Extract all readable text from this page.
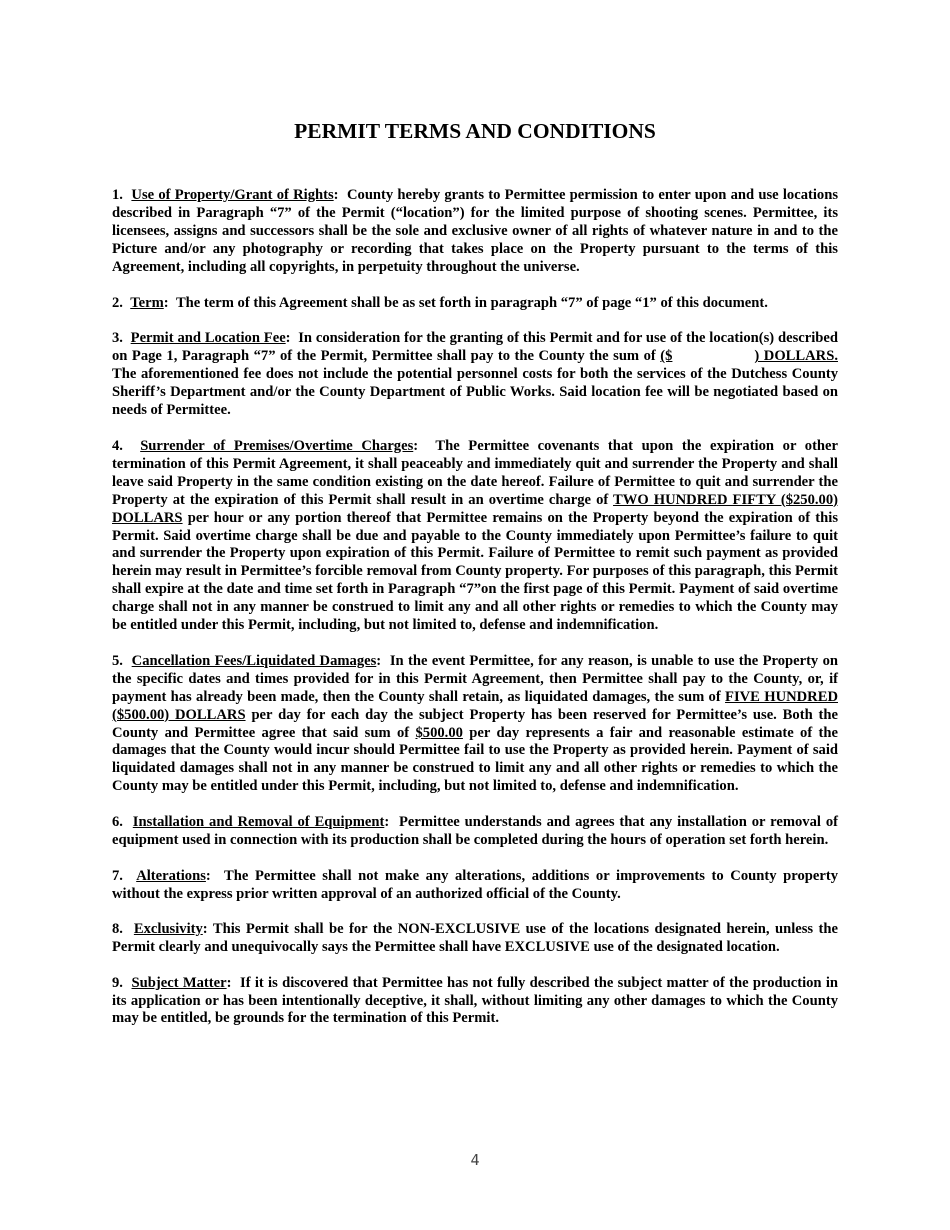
PERMIT TERMS AND CONDITIONS

1. Use of Property/Grant of Rights:  County hereby grants to Permittee permission to enter upon and use locations described in Paragraph “7” of the Permit (“location”) for the limited purpose of shooting scenes. Permittee, its licensees, assigns and successors shall be the sole and exclusive owner of all rights of whatever nature in and to the Picture and/or any photography or recording that takes place on the Property pursuant to the terms of this Agreement, including all copyrights, in perpetuity throughout the universe.

2. Term:  The term of this Agreement shall be as set forth in paragraph “7” of page “1” of this document.

3. Permit and Location Fee:  In consideration for the granting of this Permit and for use of the location(s) described on Page 1, Paragraph “7” of the Permit, Permittee shall pay to the County the sum of ($	) DOLLARS. The aforementioned fee does not include the potential personnel costs for both the services of the Dutchess County Sheriff’s Department and/or the County Department of Public Works. Said location fee will be negotiated based on needs of Permittee.

4. Surrender of Premises/Overtime Charges:  The Permittee covenants that upon the expiration or other termination of this Permit Agreement, it shall peaceably and immediately quit and surrender the Property and shall leave said Property in the same condition existing on the date hereof. Failure of Permittee to quit and surrender the Property at the expiration of this Permit shall result in an overtime charge of TWO HUNDRED FIFTY ($250.00) DOLLARS per hour or any portion thereof that Permittee remains on the Property beyond the expiration of this Permit. Said overtime charge shall be due and payable to the County immediately upon Permittee’s failure to quit and surrender the Property upon expiration of this Permit. Failure of Permittee to remit such payment as provided herein may result in Permittee’s forcible removal from County property. For purposes of this paragraph, this Permit shall expire at the date and time set forth in Paragraph “7”on the first page of this Permit. Payment of said overtime charge shall not in any manner be construed to limit any and all other rights or remedies to which the County may be entitled under this Permit, including, but not limited to, defense and indemnification.

5. Cancellation Fees/Liquidated Damages:  In the event Permittee, for any reason, is unable to use the Property on the specific dates and times provided for in this Permit Agreement, then Permittee shall pay to the County, or, if payment has already been made, then the County shall retain, as liquidated damages, the sum of FIVE HUNDRED ($500.00) DOLLARS per day for each day the subject Property has been reserved for Permittee’s use. Both the County and Permittee agree that said sum of $500.00 per day represents a fair and reasonable estimate of the damages that the County would incur should Permittee fail to use the Property as provided herein. Payment of said liquidated damages shall not in any manner be construed to limit any and all other rights or remedies to which the County may be entitled under this Permit, including, but not limited to, defense and indemnification.

6. Installation and Removal of Equipment:  Permittee understands and agrees that any installation or removal of equipment used in connection with its production shall be completed during the hours of operation set forth herein.

7. Alterations:  The Permittee shall not make any alterations, additions or improvements to County property without the express prior written approval of an authorized official of the County.

8. Exclusivity: This Permit shall be for the NON-EXCLUSIVE use of the locations designated herein, unless the Permit clearly and unequivocally says the Permittee shall have EXCLUSIVE use of the designated location.

9. Subject Matter:  If it is discovered that Permittee has not fully described the subject matter of the production in its application or has been intentionally deceptive, it shall, without limiting any other damages to which the County may be entitled, be grounds for the termination of this Permit.

4
